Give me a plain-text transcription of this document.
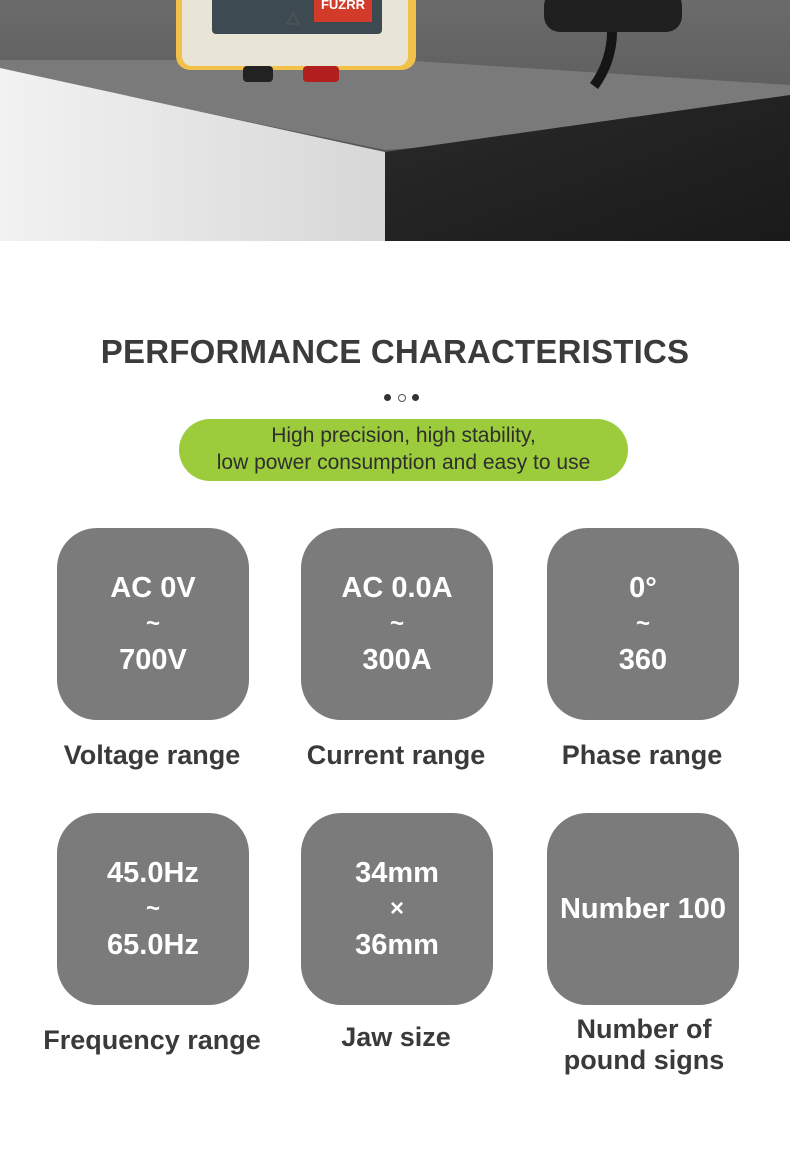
FUZRR
PERFORMANCE CHARACTERISTICS
High precision, high stability,
low power consumption and easy to use
AC 0V
~
700V
Voltage range
AC 0.0A
~
300A
Current range
0°
~
360
Phase range
45.0Hz
~
65.0Hz
Frequency range
34mm
×
36mm
Jaw size
Number 100
Number of
pound signs
